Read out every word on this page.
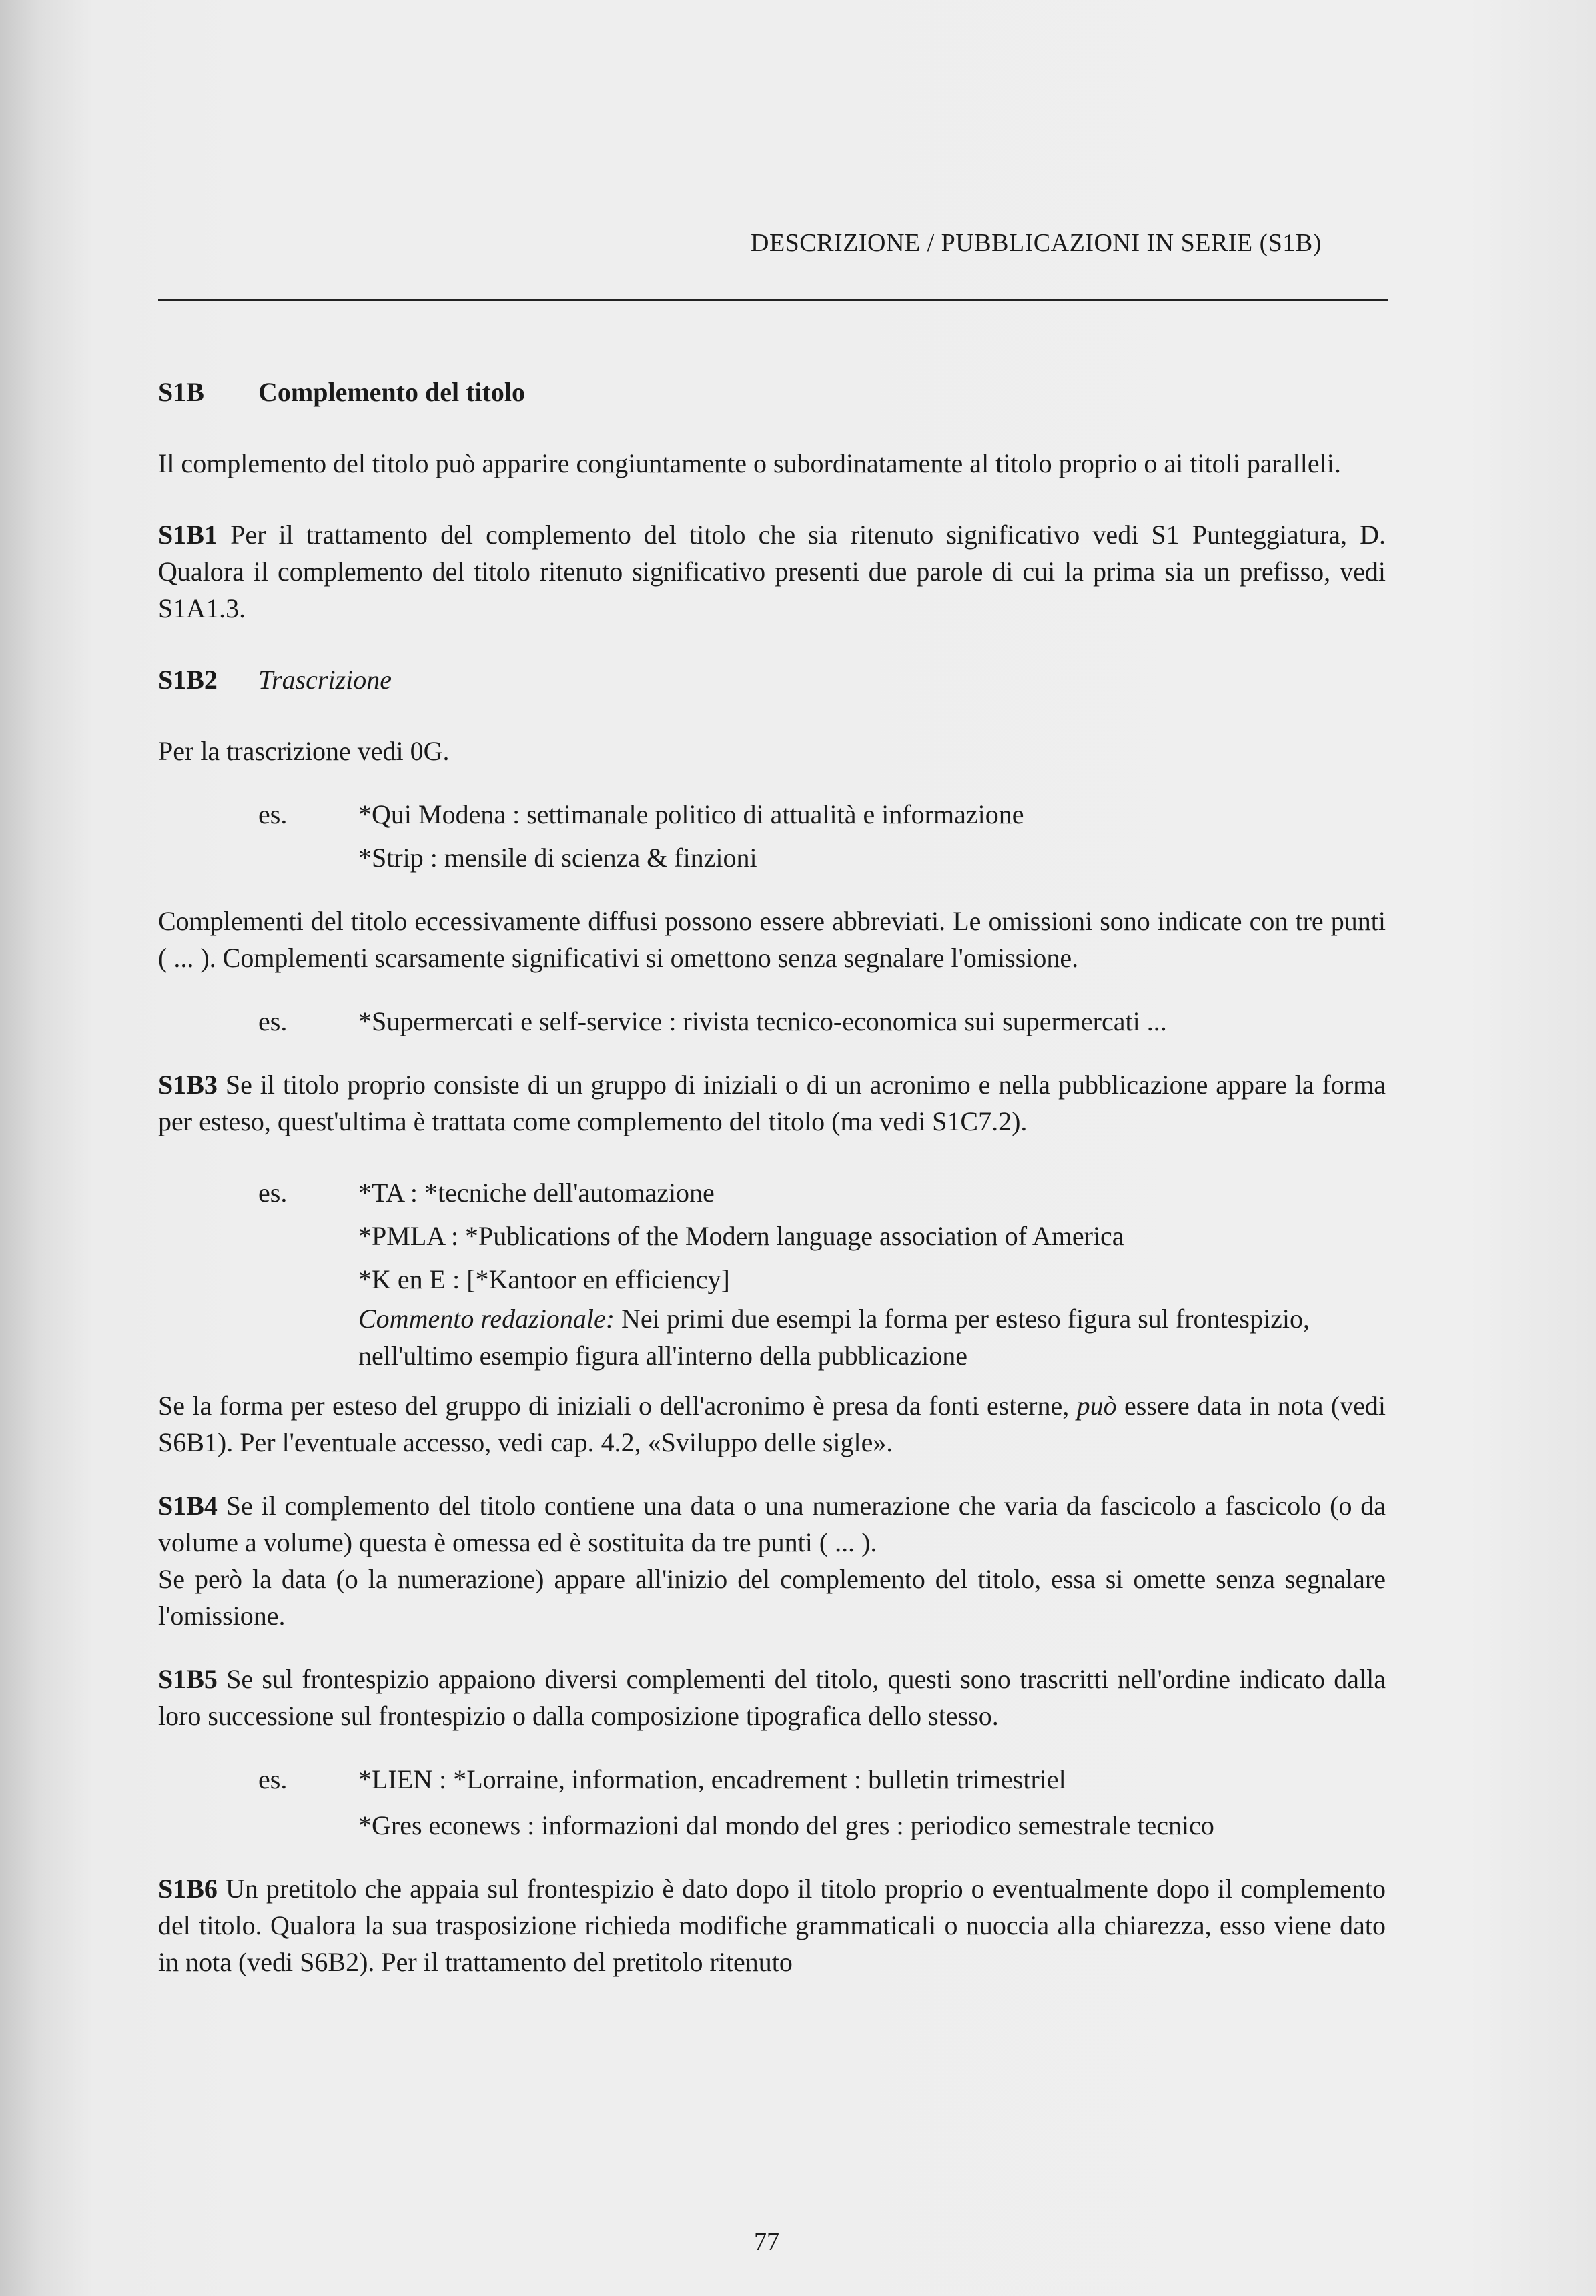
DESCRIZIONE / PUBBLICAZIONI IN SERIE (S1B)

S1B Complemento del titolo

Il complemento del titolo può apparire congiuntamente o subordinatamente al titolo proprio o ai titoli paralleli.

S1B1 Per il trattamento del complemento del titolo che sia ritenuto significativo vedi S1 Punteggiatura, D. Qualora il complemento del titolo ritenuto significativo presenti due parole di cui la prima sia un prefisso, vedi S1A1.3.

S1B2 Trascrizione

Per la trascrizione vedi 0G.

es.	*Qui Modena : settimanale politico di attualità e informazione

*Strip : mensile di scienza & finzioni

Complementi del titolo eccessivamente diffusi possono essere abbreviati. Le omissioni sono indicate con tre punti ( ... ). Complementi scarsamente significativi si omettono senza segnalare l'omissione.

es.	*Supermercati e self-service : rivista tecnico-economica sui supermercati ...

S1B3 Se il titolo proprio consiste di un gruppo di iniziali o di un acronimo e nella pubblicazione appare la forma per esteso, quest'ultima è trattata come complemento del titolo (ma vedi S1C7.2).

es.	*TA : *tecniche dell'automazione

*PMLA : *Publications of the Modern language association of America

*K en E : [*Kantoor en efficiency]

Commento redazionale: Nei primi due esempi la forma per esteso figura sul frontespizio, nell'ultimo esempio figura all'interno della pubblicazione

Se la forma per esteso del gruppo di iniziali o dell'acronimo è presa da fonti esterne, può essere data in nota (vedi S6B1). Per l'eventuale accesso, vedi cap. 4.2, «Sviluppo delle sigle».

S1B4 Se il complemento del titolo contiene una data o una numerazione che varia da fascicolo a fascicolo (o da volume a volume) questa è omessa ed è sostituita da tre punti ( ... ).

Se però la data (o la numerazione) appare all'inizio del complemento del titolo, essa si omette senza segnalare l'omissione.

S1B5 Se sul frontespizio appaiono diversi complementi del titolo, questi sono trascritti nell'ordine indicato dalla loro successione sul frontespizio o dalla composizione tipografica dello stesso.

es.	*LIEN : *Lorraine, information, encadrement : bulletin trimestriel

*Gres econews : informazioni dal mondo del gres : periodico semestrale tecnico

S1B6 Un pretitolo che appaia sul frontespizio è dato dopo il titolo proprio o eventualmente dopo il complemento del titolo. Qualora la sua trasposizione richieda modifiche grammaticali o nuoccia alla chiarezza, esso viene dato in nota (vedi S6B2). Per il trattamento del pretitolo ritenuto

77
